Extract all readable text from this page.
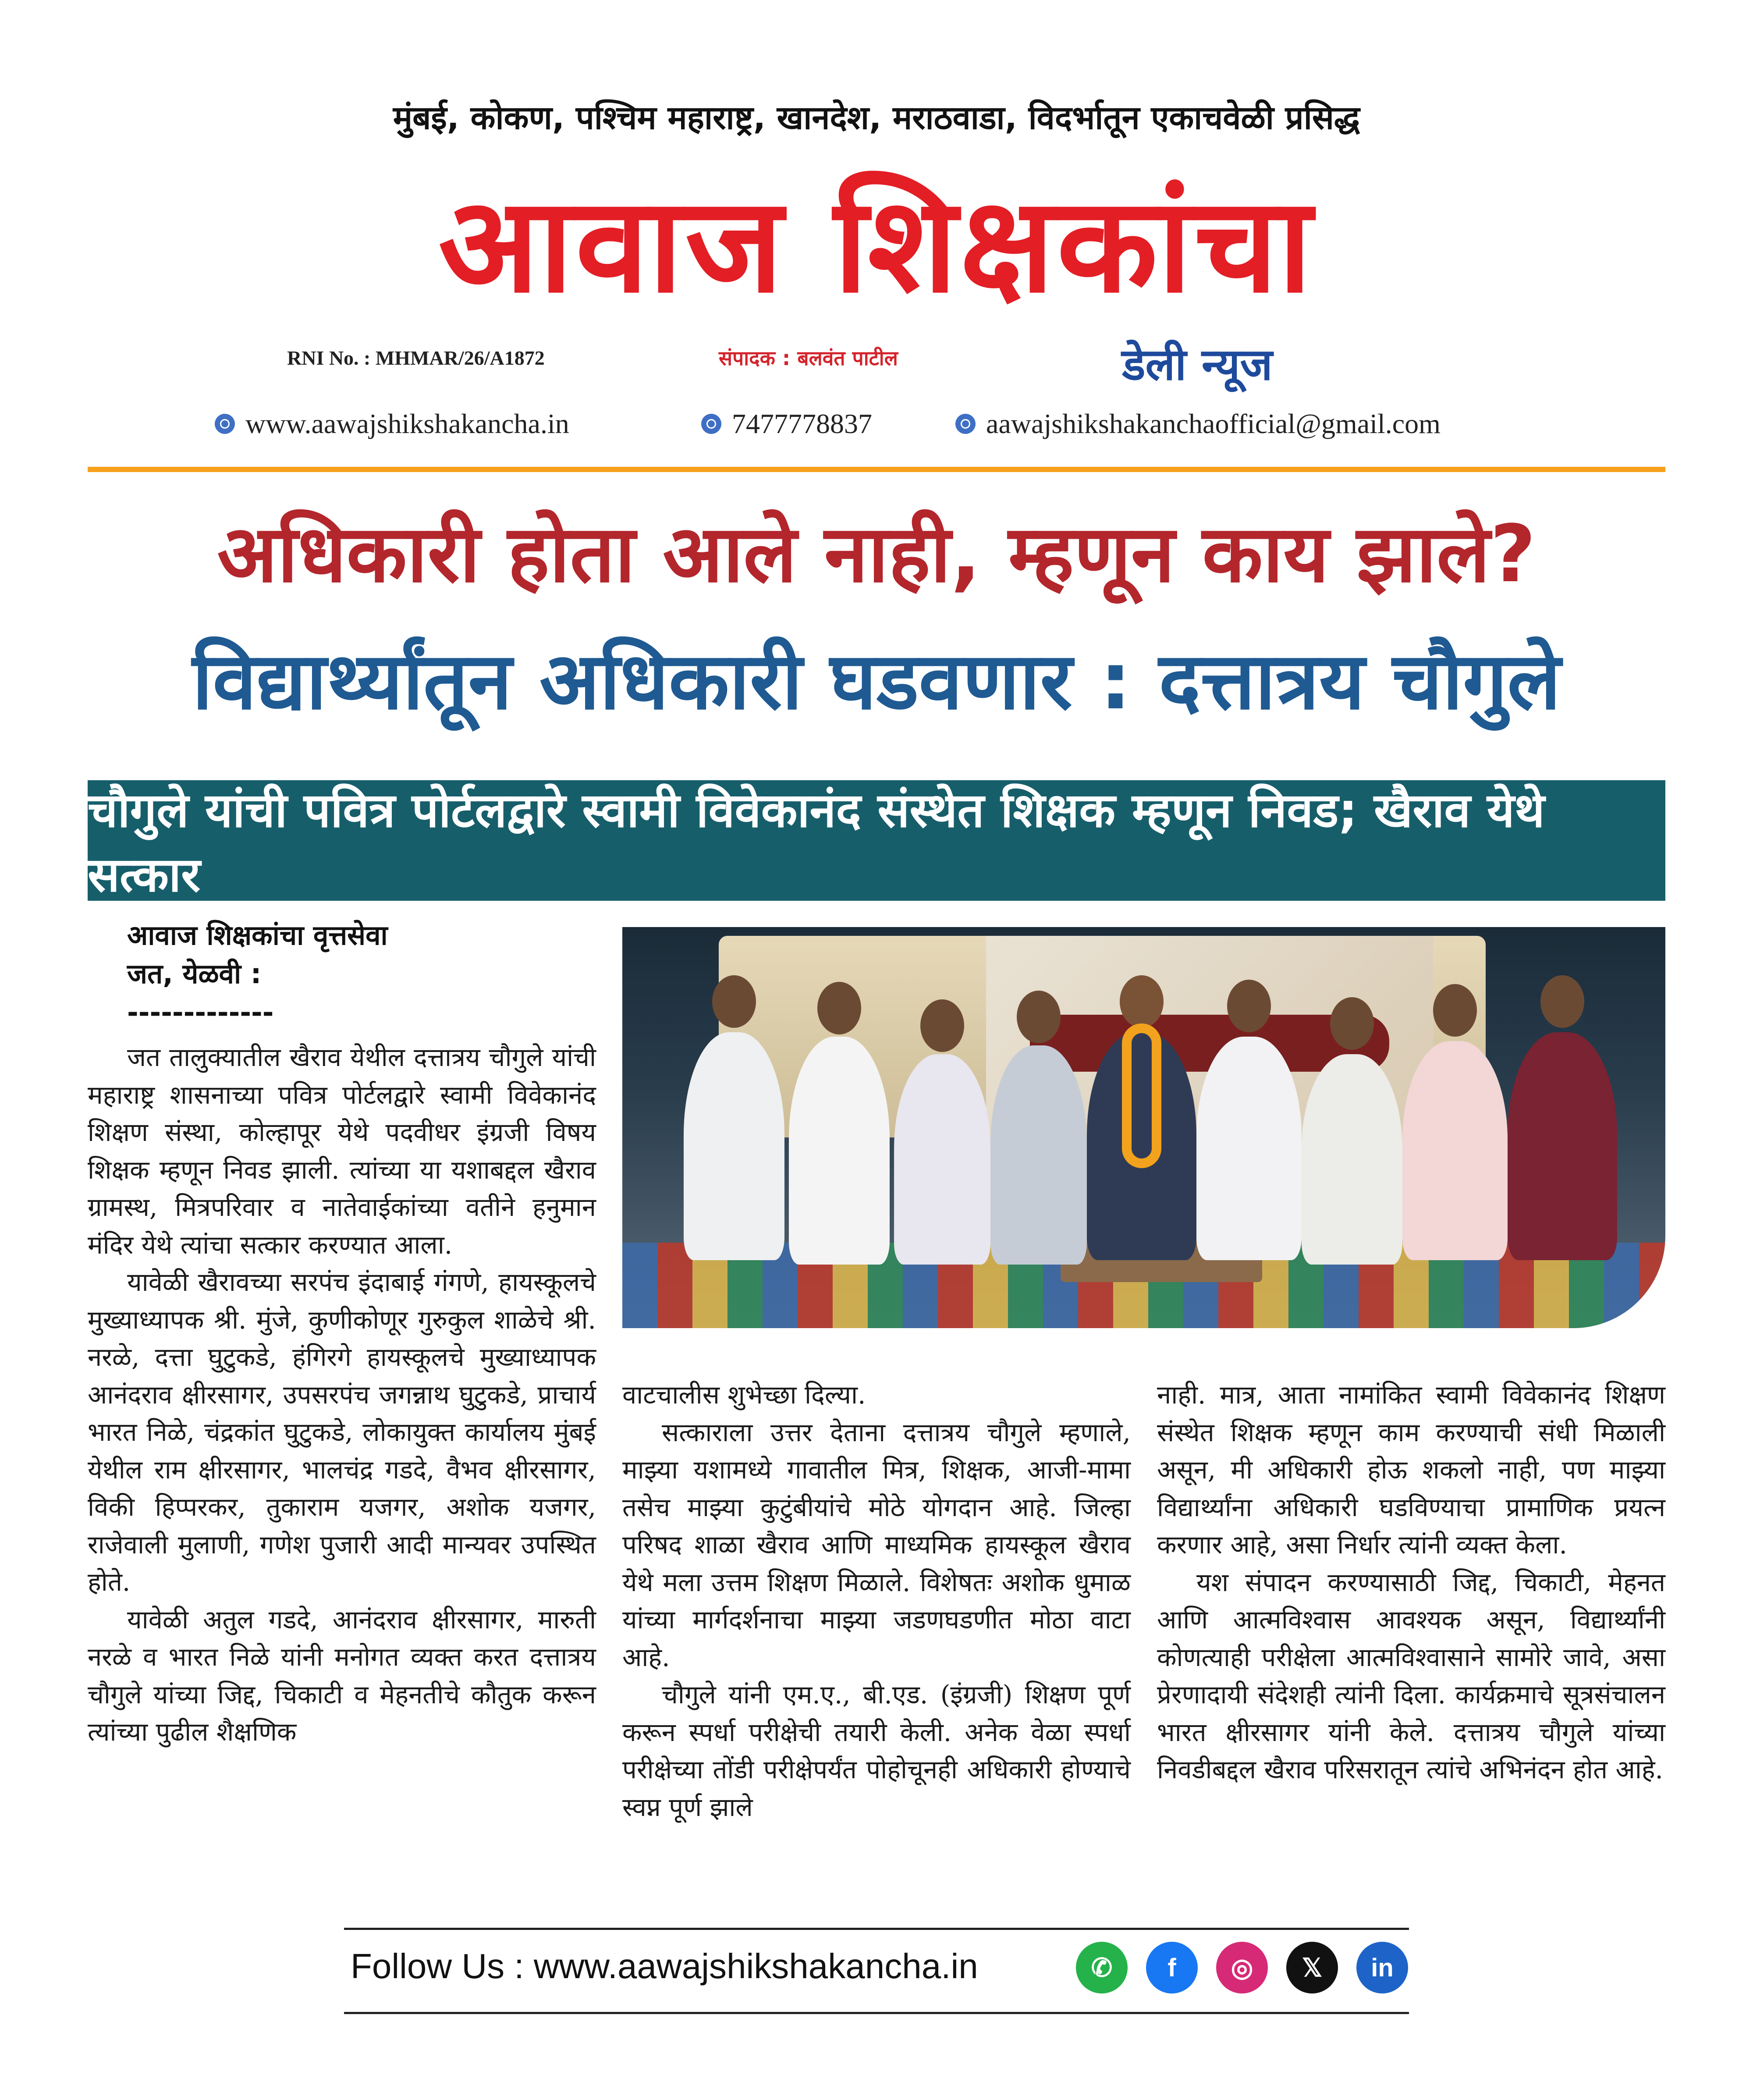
मुंबई, कोकण, पश्चिम महाराष्ट्र, खानदेश, मराठवाडा, विदर्भातून एकाचवेळी प्रसिद्ध
आवाज शिक्षकांचा
RNI No. : MHMAR/26/A1872	संपादक : बलवंत पाटील	डेली न्यूज
www.aawajshikshakancha.in	7477778837	aawajshikshakanchaofficial@gmail.com
अधिकारी होता आले नाही, म्हणून काय झाले?
विद्यार्थ्यांतून अधिकारी घडवणार : दत्तात्रय चौगुले
चौगुले यांची पवित्र पोर्टलद्वारे स्वामी विवेकानंद संस्थेत शिक्षक म्हणून निवड; खैराव येथे सत्कार
आवाज शिक्षकांचा वृत्तसेवा
जत, येळवी :
-------------

जत तालुक्यातील खैराव येथील दत्तात्रय चौगुले यांची महाराष्ट्र शासनाच्या पवित्र पोर्टलद्वारे स्वामी विवेकानंद शिक्षण संस्था, कोल्हापूर येथे पदवीधर इंग्रजी विषय शिक्षक म्हणून निवड झाली. त्यांच्या या यशाबद्दल खैराव ग्रामस्थ, मित्रपरिवार व नातेवाईकांच्या वतीने हनुमान मंदिर येथे त्यांचा सत्कार करण्यात आला.

यावेळी खैरावच्या सरपंच इंदाबाई गंगणे, हायस्कूलचे मुख्याध्यापक श्री. मुंजे, कुणीकोणूर गुरुकुल शाळेचे श्री. नरळे, दत्ता घुटुकडे, हंगिरगे हायस्कूलचे मुख्याध्यापक आनंदराव क्षीरसागर, उपसरपंच जगन्नाथ घुटुकडे, प्राचार्य भारत निळे, चंद्रकांत घुटुकडे, लोकायुक्त कार्यालय मुंबई येथील राम क्षीरसागर, भालचंद्र गडदे, वैभव क्षीरसागर, विकी हिप्परकर, तुकाराम यजगर, अशोक यजगर, राजेवाली मुलाणी, गणेश पुजारी आदी मान्यवर उपस्थित होते.

यावेळी अतुल गडदे, आनंदराव क्षीरसागर, मारुती नरळे व भारत निळे यांनी मनोगत व्यक्त करत दत्तात्रय चौगुले यांच्या जिद्द, चिकाटी व मेहनतीचे कौतुक करून त्यांच्या पुढील शैक्षणिक

वाटचालीस शुभेच्छा दिल्या.

सत्काराला उत्तर देताना दत्तात्रय चौगुले म्हणाले, माझ्या यशामध्ये गावातील मित्र, शिक्षक, आजी-मामा तसेच माझ्या कुटुंबीयांचे मोठे योगदान आहे. जिल्हा परिषद शाळा खैराव आणि माध्यमिक हायस्कूल खैराव येथे मला उत्तम शिक्षण मिळाले. विशेषतः अशोक धुमाळ यांच्या मार्गदर्शनाचा माझ्या जडणघडणीत मोठा वाटा आहे.

चौगुले यांनी एम.ए., बी.एड. (इंग्रजी) शिक्षण पूर्ण करून स्पर्धा परीक्षेची तयारी केली. अनेक वेळा स्पर्धा परीक्षेच्या तोंडी परीक्षेपर्यंत पोहोचूनही अधिकारी होण्याचे स्वप्न पूर्ण झाले

नाही. मात्र, आता नामांकित स्वामी विवेकानंद शिक्षण संस्थेत शिक्षक म्हणून काम करण्याची संधी मिळाली असून, मी अधिकारी होऊ शकलो नाही, पण माझ्या विद्यार्थ्यांना अधिकारी घडविण्याचा प्रामाणिक प्रयत्न करणार आहे, असा निर्धार त्यांनी व्यक्त केला.

यश संपादन करण्यासाठी जिद्द, चिकाटी, मेहनत आणि आत्मविश्वास आवश्यक असून, विद्यार्थ्यांनी कोणत्याही परीक्षेला आत्मविश्वासाने सामोरे जावे, असा प्रेरणादायी संदेशही त्यांनी दिला. कार्यक्रमाचे सूत्रसंचालन भारत क्षीरसागर यांनी केले. दत्तात्रय चौगुले यांच्या निवडीबद्दल खैराव परिसरातून त्यांचे अभिनंदन होत आहे.

Follow Us : www.aawajshikshakancha.in	✆	f	◎	𝕏	in
